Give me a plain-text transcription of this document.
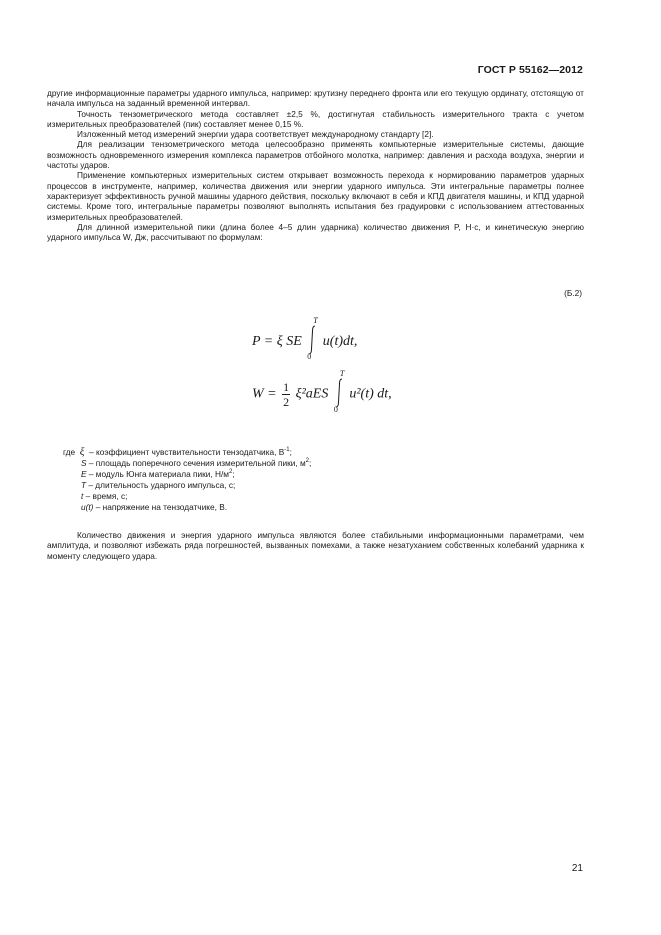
ГОСТ Р 55162—2012

другие информационные параметры ударного импульса, например: крутизну переднего фронта или его текущую ординату, отстоящую от начала импульса на заданный временной интервал.

Точность тензометрического метода составляет ±2,5 %, достигнутая стабильность измерительного тракта с учетом измерительных преобразователей (пик) составляет менее 0,15 %.

Изложенный метод измерений энергии удара соответствует международному стандарту [2].

Для реализации тензометрического метода целесообразно применять компьютерные измерительные системы, дающие возможность одновременного измерения комплекса параметров отбойного молотка, например: давления и расхода воздуха, энергии и частоты ударов.

Применение компьютерных измерительных систем открывает возможность перехода к нормированию параметров ударных процессов в инструменте, например, количества движения или энергии ударного импульса. Эти интегральные параметры полнее характеризует эффективность ручной машины ударного действия, поскольку включают в себя и КПД двигателя машины, и КПД ударной системы. Кроме того, интегральные параметры позволяют выполнять испытания без градуировки с использованием аттестованных измерительных преобразователей.

Для длинной измерительной пики (длина более 4–5 длин ударника) количество движения P, Н·с, и кинетическую энергию ударного импульса W, Дж, рассчитывают по формулам:

(Б.2)
P = ξ SE
T
0
u(t)dt,
$W = \frac{1}{2} \xi^2aES$
T
0
u²(t) dt,
где ξ – коэффициент чувствительности тензодатчика, $В^{-1}$;
S – площадь поперечного сечения измерительной пики, $м^2$;
E – модуль Юнга материала пики, $Н/м^2$;
T – длительность ударного импульса, с;
t – время, с;
u(t) – напряжение на тензодатчике, В.

Количество движения и энергия ударного импульса являются более стабильными информационными параметрами, чем амплитуда, и позволяют избежать ряда погрешностей, вызванных помехами, а также незатуханием собственных колебаний ударника к моменту следующего удара.

21
